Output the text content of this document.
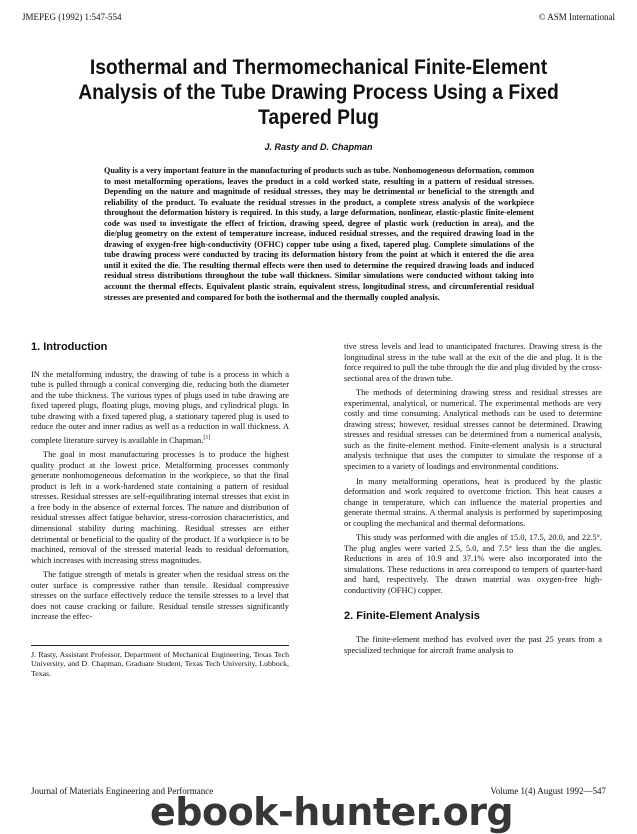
JMEPEG (1992) 1:547-554	© ASM International
Isothermal and Thermomechanical Finite-Element Analysis of the Tube Drawing Process Using a Fixed Tapered Plug
J. Rasty and D. Chapman

Quality is a very important feature in the manufacturing of products such as tube. Nonhomogeneous deformation, common to most metalforming operations, leaves the product in a cold worked state, resulting in a pattern of residual stresses. Depending on the nature and magnitude of residual stresses, they may be detrimental or beneficial to the strength and reliability of the product. To evaluate the residual stresses in the product, a complete stress analysis of the workpiece throughout the deformation history is required. In this study, a large deformation, nonlinear, elastic-plastic finite-element code was used to investigate the effect of friction, drawing speed, degree of plastic work (reduction in area), and the die/plug geometry on the extent of temperature increase, induced residual stresses, and the required drawing load in the drawing of oxygen-free high-conductivity (OFHC) copper tube using a fixed, tapered plug. Complete simulations of the tube drawing process were conducted by tracing its deformation history from the point at which it entered the die area until it exited the die. The resulting thermal effects were then used to determine the required drawing loads and induced residual stress distributions throughout the tube wall thickness. Similar simulations were conducted without taking into account the thermal effects. Equivalent plastic strain, equivalent stress, longitudinal stress, and circumferential residual stresses are presented and compared for both the isothermal and the thermally coupled analysis.

1. Introduction

IN the metalforming industry, the drawing of tube is a process in which a tube is pulled through a conical converging die, reducing both the diameter and the tube thickness. The various types of plugs used in tube drawing are fixed tapered plugs, floating plugs, moving plugs, and cylindrical plugs. In tube drawing with a fixed tapered plug, a stationary tapered plug is used to reduce the outer and inner radius as well as a reduction in wall thickness. A complete literature survey is available in Chapman.[1]

The goal in most manufacturing processes is to produce the highest quality product at the lowest price. Metalforming processes commonly generate nonhomogeneous deformation in the workpiece, so that the final product is left in a work-hardened state containing a pattern of residual stresses. Residual stresses are self-equilibrating internal stresses that exist in a free body in the absence of external forces. The nature and distribution of residual stresses affect fatigue behavior, stress-corrosion characteristics, and dimensional stability during machining. Residual stresses are either detrimental or beneficial to the quality of the product. If a workpiece is to be machined, removal of the stressed material leads to residual deformation, which increases with increasing stress magnitudes.

The fatigue strength of metals is greater when the residual stress on the outer surface is compressive rather than tensile. Residual compressive stresses on the surface effectively reduce the tensile stresses to a level that does not cause cracking or failure. Residual tensile stresses significantly increase the effec-

J. Rasty, Assistant Professor, Department of Mechanical Engineering, Texas Tech University, and D. Chapman, Graduate Student, Texas Tech University, Lubbock, Texas.

tive stress levels and lead to unanticipated fractures. Drawing stress is the longitudinal stress in the tube wall at the exit of the die and plug. It is the force required to pull the tube through the die and plug divided by the cross-sectional area of the drawn tube.

The methods of determining drawing stress and residual stresses are experimental, analytical, or numerical. The experimental methods are very costly and time consuming. Analytical methods can be used to determine drawing stress; however, residual stresses cannot be determined. Drawing stresses and residual stresses can be determined from a numerical analysis, such as the finite-element method. Finite-element analysis is a structural analysis technique that uses the computer to simulate the response of a specimen to a variety of loadings and environmental conditions.

In many metalforming operations, heat is produced by the plastic deformation and work required to overcome friction. This heat causes a change in temperature, which can influence the material properties and generate thermal strains. A thermal analysis is performed by superimposing or coupling the mechanical and thermal deformations.

This study was performed with die angles of 15.0, 17.5, 20.0, and 22.5°. The plug angles were varied 2.5, 5.0, and 7.5° less than the die angles. Reductions in area of 10.9 and 37.1% were also incorporated into the simulations. These reductions in area correspond to tempers of quarter-hard and hard, respectively. The drawn material was oxygen-free high-conductivity (OFHC) copper.

2. Finite-Element Analysis

The finite-element method has evolved over the past 25 years from a specialized technique for aircraft frame analysis to

Journal of Materials Engineering and Performance	Volume 1(4) August 1992—547
ebook-hunter.org
